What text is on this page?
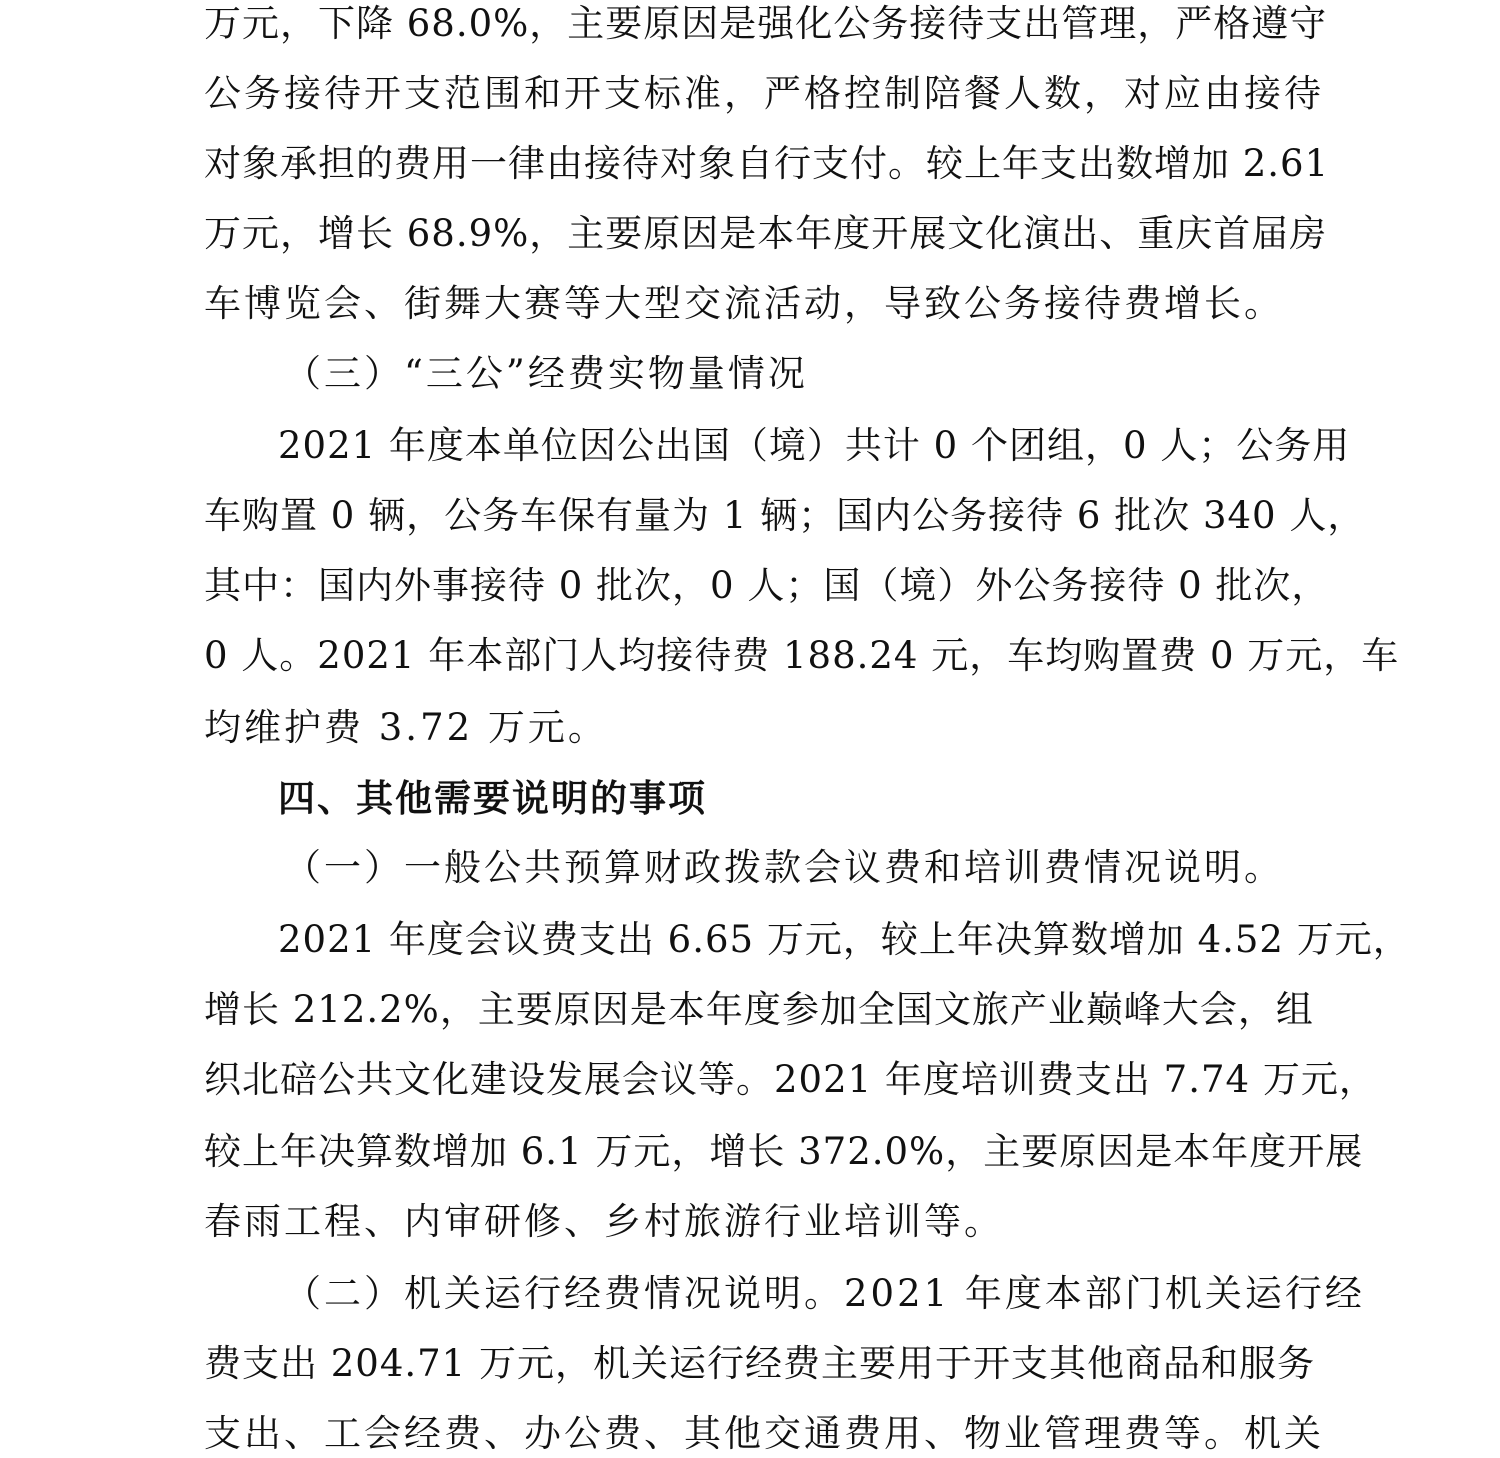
万元，下降 68.0%，主要原因是强化公务接待支出管理，严格遵守
公务接待开支范围和开支标准，严格控制陪餐人数，对应由接待
对象承担的费用一律由接待对象自行支付。较上年支出数增加 2.61
万元，增长 68.9%，主要原因是本年度开展文化演出、重庆首届房
车博览会、街舞大赛等大型交流活动，导致公务接待费增长。
（三）“三公”经费实物量情况
2021 年度本单位因公出国（境）共计 0 个团组，0 人；公务用
车购置 0 辆，公务车保有量为 1 辆；国内公务接待 6 批次 340 人，
其中：国内外事接待 0 批次，0 人；国（境）外公务接待 0 批次，
0 人。2021 年本部门人均接待费 188.24 元，车均购置费 0 万元，车
均维护费 3.72 万元。
四、其他需要说明的事项
（一）一般公共预算财政拨款会议费和培训费情况说明。
2021 年度会议费支出 6.65 万元，较上年决算数增加 4.52 万元，
增长 212.2%，主要原因是本年度参加全国文旅产业巅峰大会，组
织北碚公共文化建设发展会议等。2021 年度培训费支出 7.74 万元，
较上年决算数增加 6.1 万元，增长 372.0%，主要原因是本年度开展
春雨工程、内审研修、乡村旅游行业培训等。
（二）机关运行经费情况说明。2021 年度本部门机关运行经
费支出 204.71 万元，机关运行经费主要用于开支其他商品和服务
支出、工会经费、办公费、其他交通费用、物业管理费等。机关
